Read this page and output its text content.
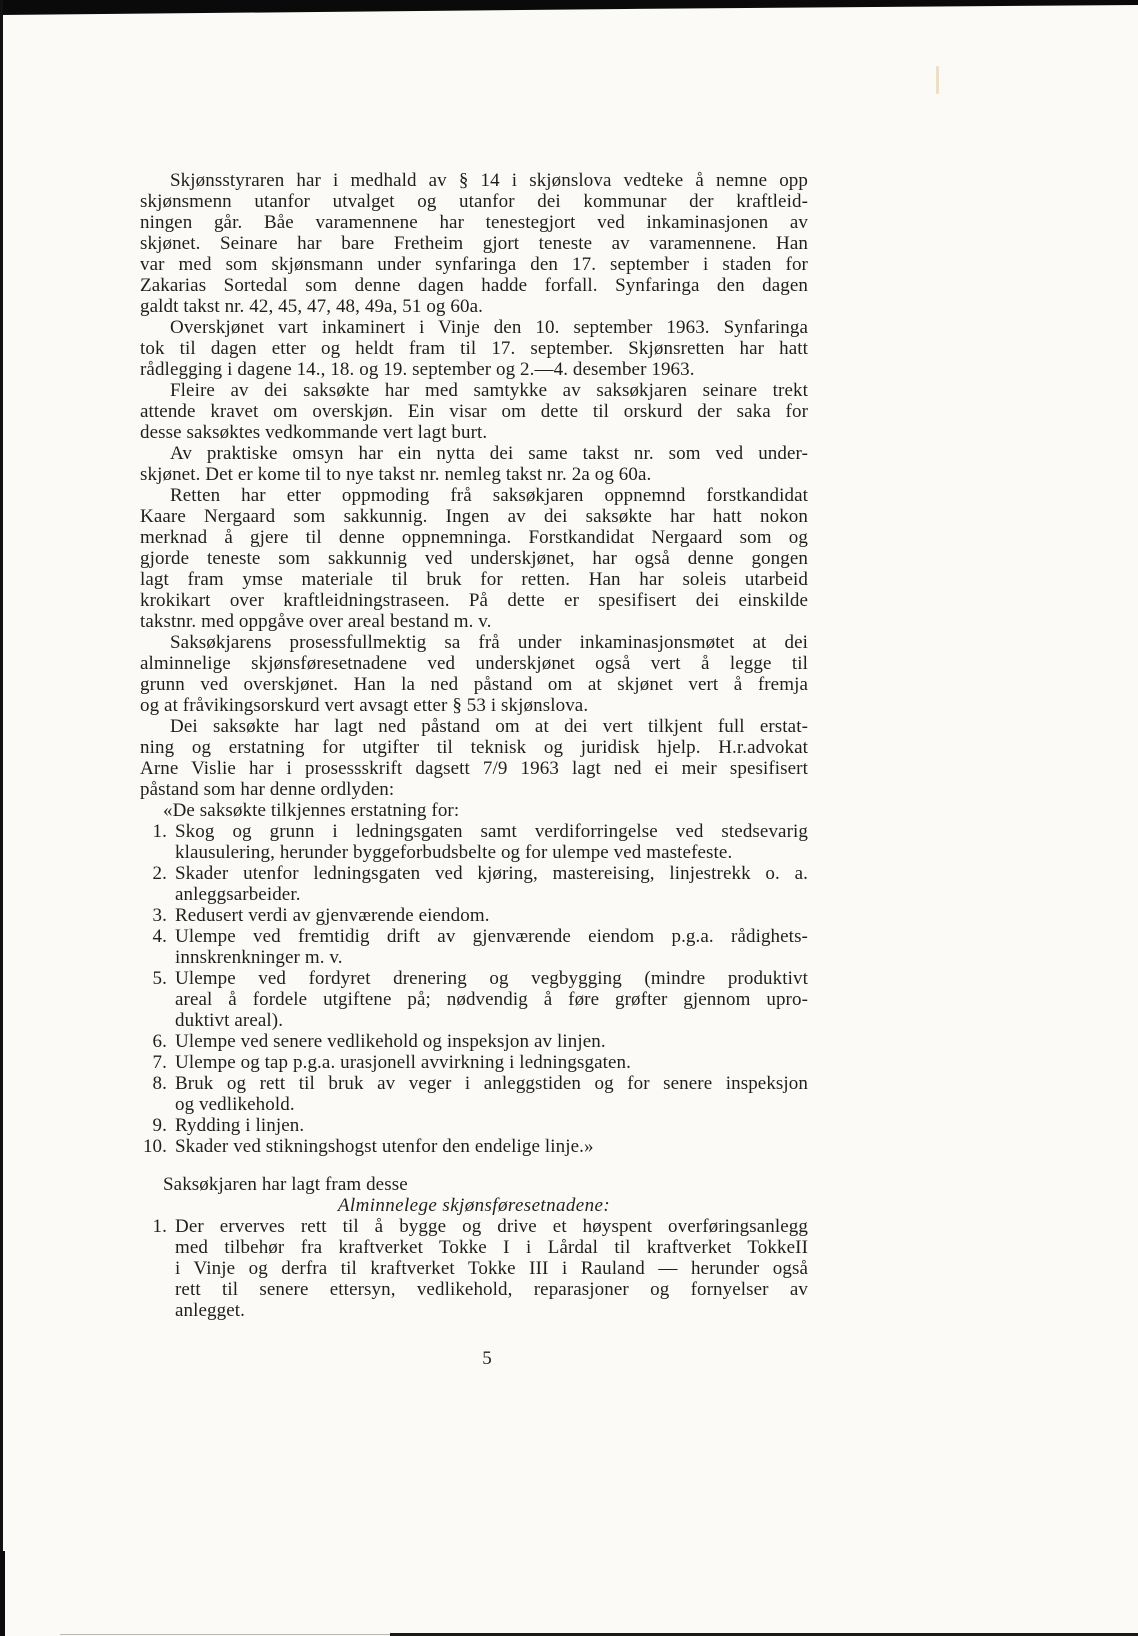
Skjønsstyraren har i medhald av § 14 i skjønslova vedteke å nemne opp
skjønsmenn utanfor utvalget og utanfor dei kommunar der kraftleid-
ningen går. Båe varamennene har tenestegjort ved inkaminasjonen av
skjønet. Seinare har bare Fretheim gjort teneste av varamennene. Han
var med som skjønsmann under synfaringa den 17. september i staden for
Zakarias Sortedal som denne dagen hadde forfall. Synfaringa den dagen
galdt takst nr. 42, 45, 47, 48, 49a, 51 og 60a.
Overskjønet vart inkaminert i Vinje den 10. september 1963. Synfaringa
tok til dagen etter og heldt fram til 17. september. Skjønsretten har hatt
rådlegging i dagene 14., 18. og 19. september og 2.—4. desember 1963.
Fleire av dei saksøkte har med samtykke av saksøkjaren seinare trekt
attende kravet om overskjøn. Ein visar om dette til orskurd der saka for
desse saksøktes vedkommande vert lagt burt.
Av praktiske omsyn har ein nytta dei same takst nr. som ved under-
skjønet. Det er kome til to nye takst nr. nemleg takst nr. 2a og 60a.
Retten har etter oppmoding frå saksøkjaren oppnemnd forstkandidat
Kaare Nergaard som sakkunnig. Ingen av dei saksøkte har hatt nokon
merknad å gjere til denne oppnemninga. Forstkandidat Nergaard som og
gjorde teneste som sakkunnig ved underskjønet, har også denne gongen
lagt fram ymse materiale til bruk for retten. Han har soleis utarbeid
krokikart over kraftleidningstraseen. På dette er spesifisert dei einskilde
takstnr. med oppgåve over areal bestand m. v.
Saksøkjarens prosessfullmektig sa frå under inkaminasjonsmøtet at dei
alminnelige skjønsføresetnadene ved underskjønet også vert å legge til
grunn ved overskjønet. Han la ned påstand om at skjønet vert å fremja
og at fråvikingsorskurd vert avsagt etter § 53 i skjønslova.
Dei saksøkte har lagt ned påstand om at dei vert tilkjent full erstat-
ning og erstatning for utgifter til teknisk og juridisk hjelp. H.r.advokat
Arne Vislie har i prosessskrift dagsett 7/9 1963 lagt ned ei meir spesifisert
påstand som har denne ordlyden:
«De saksøkte tilkjennes erstatning for:
1. Skog og grunn i ledningsgaten samt verdiforringelse ved stedsevarig
klausulering, herunder byggeforbudsbelte og for ulempe ved mastefeste.
2. Skader utenfor ledningsgaten ved kjøring, mastereising, linjestrekk o. a.
anleggsarbeider.
3. Redusert verdi av gjenværende eiendom.
4. Ulempe ved fremtidig drift av gjenværende eiendom p.g.a. rådighets-
innskrenkninger m. v.
5. Ulempe ved fordyret drenering og vegbygging (mindre produktivt
areal å fordele utgiftene på; nødvendig å føre grøfter gjennom upro-
duktivt areal).
6. Ulempe ved senere vedlikehold og inspeksjon av linjen.
7. Ulempe og tap p.g.a. urasjonell avvirkning i ledningsgaten.
8. Bruk og rett til bruk av veger i anleggstiden og for senere inspeksjon
og vedlikehold.
9. Rydding i linjen.
10. Skader ved stikningshogst utenfor den endelige linje.»
Saksøkjaren har lagt fram desse
Alminnelege skjønsføresetnadene:
1. Der erverves rett til å bygge og drive et høyspent overføringsanlegg
med tilbehør fra kraftverket Tokke I i Lårdal til kraftverket TokkeII
i Vinje og derfra til kraftverket Tokke III i Rauland — herunder også
rett til senere ettersyn, vedlikehold, reparasjoner og fornyelser av
anlegget.
5
